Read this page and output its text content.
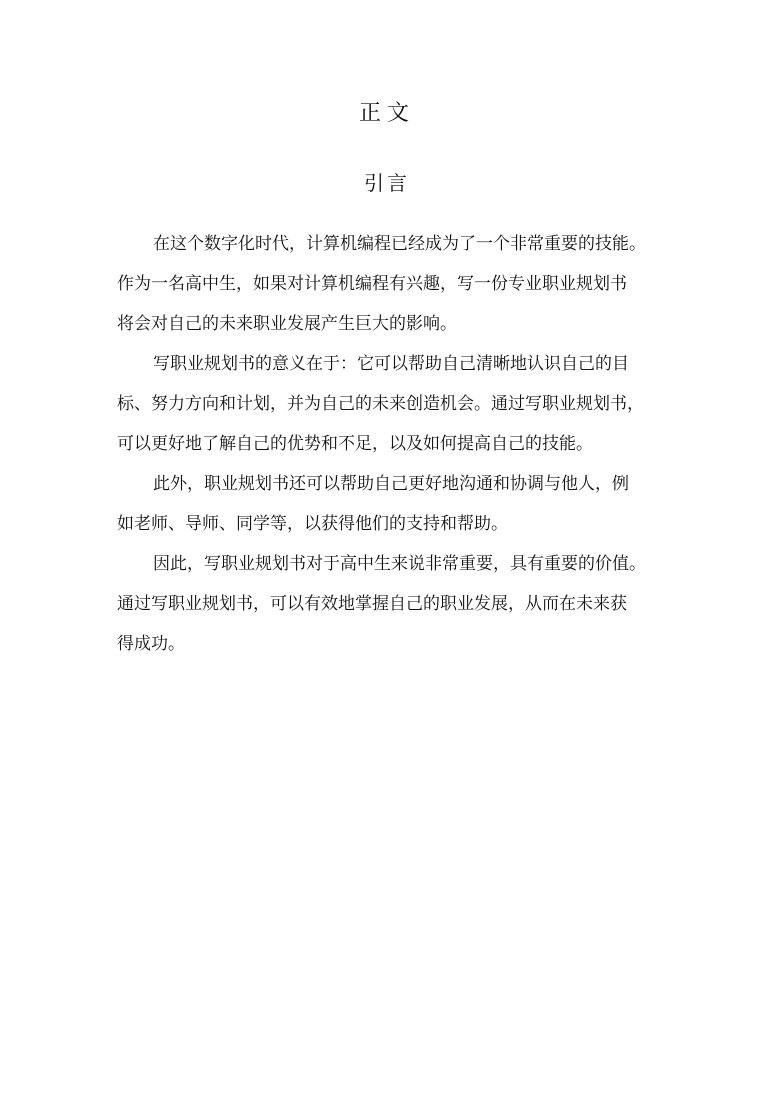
正文
引言

在这个数字化时代，计算机编程已经成为了一个非常重要的技能。
作为一名高中生，如果对计算机编程有兴趣，写一份专业职业规划书
将会对自己的未来职业发展产生巨大的影响。

写职业规划书的意义在于：它可以帮助自己清晰地认识自己的目
标、努力方向和计划，并为自己的未来创造机会。通过写职业规划书，
可以更好地了解自己的优势和不足，以及如何提高自己的技能。

此外，职业规划书还可以帮助自己更好地沟通和协调与他人，例
如老师、导师、同学等，以获得他们的支持和帮助。

因此，写职业规划书对于高中生来说非常重要，具有重要的价值。
通过写职业规划书，可以有效地掌握自己的职业发展，从而在未来获
得成功。
